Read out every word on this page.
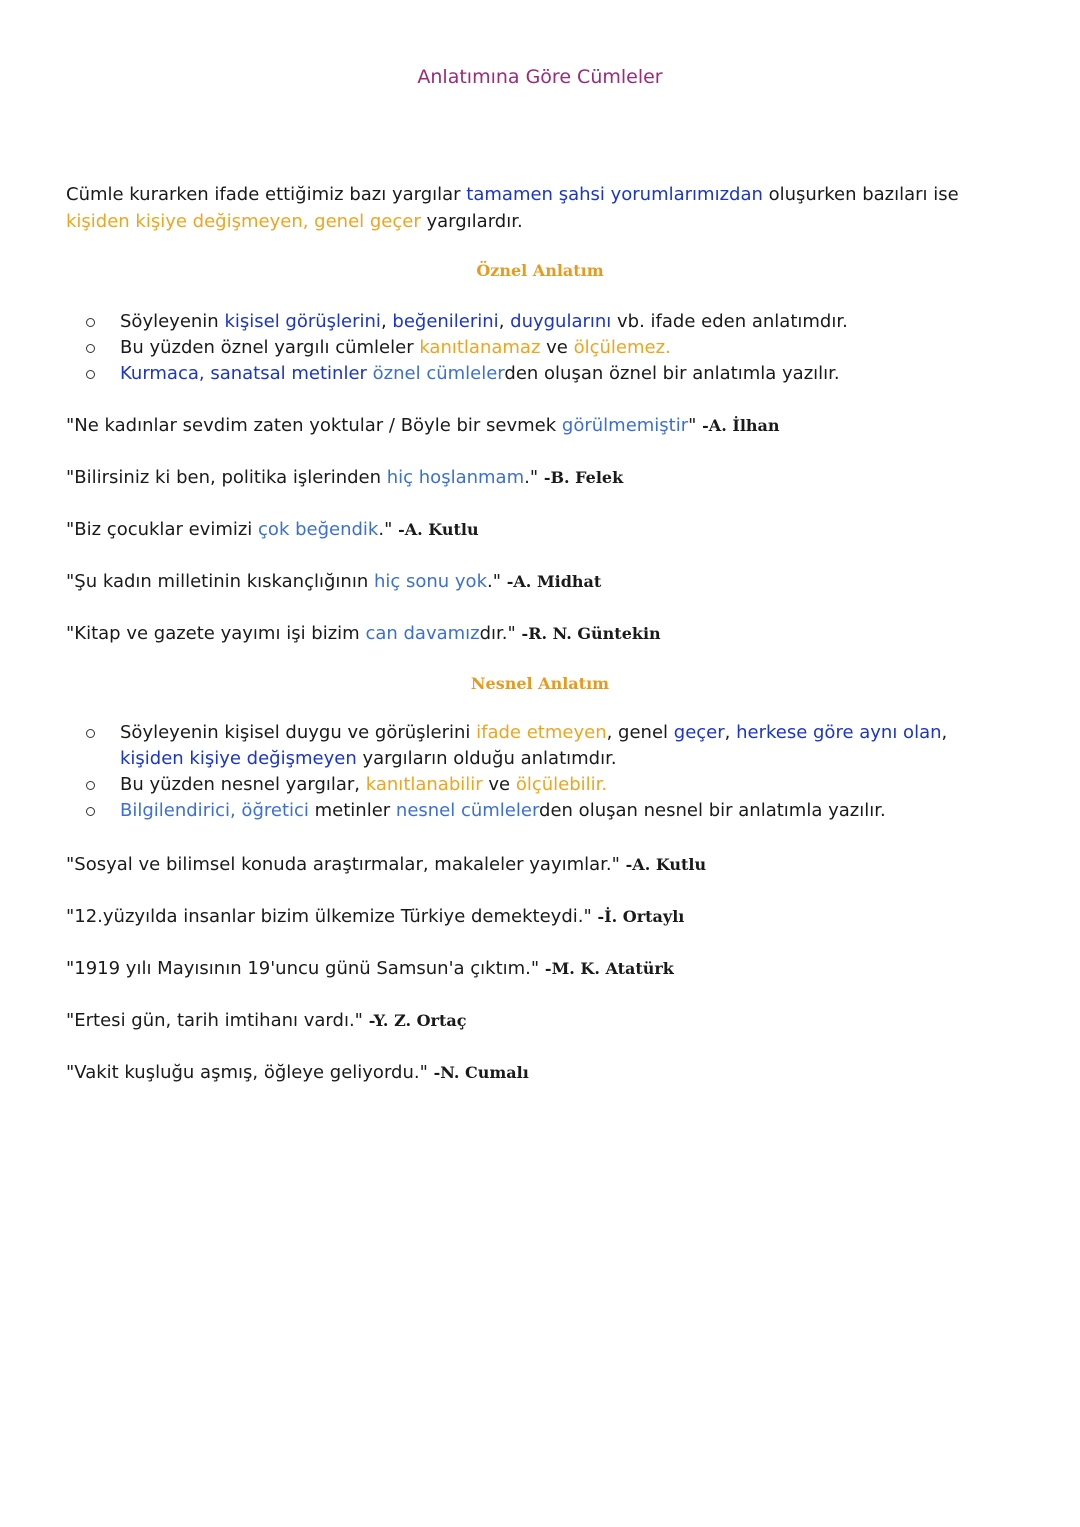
Anlatımına Göre Cümleler

Cümle kurarken ifade ettiğimiz bazı yargılar tamamen şahsi yorumlarımızdan oluşurken bazıları ise kişiden kişiye değişmeyen, genel geçer yargılardır.

Öznel Anlatım
Söyleyenin kişisel görüşlerini, beğenilerini, duygularını vb. ifade eden anlatımdır.
Bu yüzden öznel yargılı cümleler kanıtlanamaz ve ölçülemez.
Kurmaca, sanatsal metinler öznel cümlelerden oluşan öznel bir anlatımla yazılır.

"Ne kadınlar sevdim zaten yoktular / Böyle bir sevmek görülmemiştir" -A. İlhan

"Bilirsiniz ki ben, politika işlerinden hiç hoşlanmam." -B. Felek

"Biz çocuklar evimizi çok beğendik." -A. Kutlu

"Şu kadın milletinin kıskançlığının hiç sonu yok." -A. Midhat

"Kitap ve gazete yayımı işi bizim can davamızdır." -R. N. Güntekin

Nesnel Anlatım
Söyleyenin kişisel duygu ve görüşlerini ifade etmeyen, genel geçer, herkese göre aynı olan, kişiden kişiye değişmeyen yargıların olduğu anlatımdır.
Bu yüzden nesnel yargılar, kanıtlanabilir ve ölçülebilir.
Bilgilendirici, öğretici metinler nesnel cümlelerden oluşan nesnel bir anlatımla yazılır.

"Sosyal ve bilimsel konuda araştırmalar, makaleler yayımlar." -A. Kutlu

"12.yüzyılda insanlar bizim ülkemize Türkiye demekteydi." -İ. Ortaylı

"1919 yılı Mayısının 19'uncu günü Samsun'a çıktım." -M. K. Atatürk

"Ertesi gün, tarih imtihanı vardı." -Y. Z. Ortaç

"Vakit kuşluğu aşmış, öğleye geliyordu." -N. Cumalı
